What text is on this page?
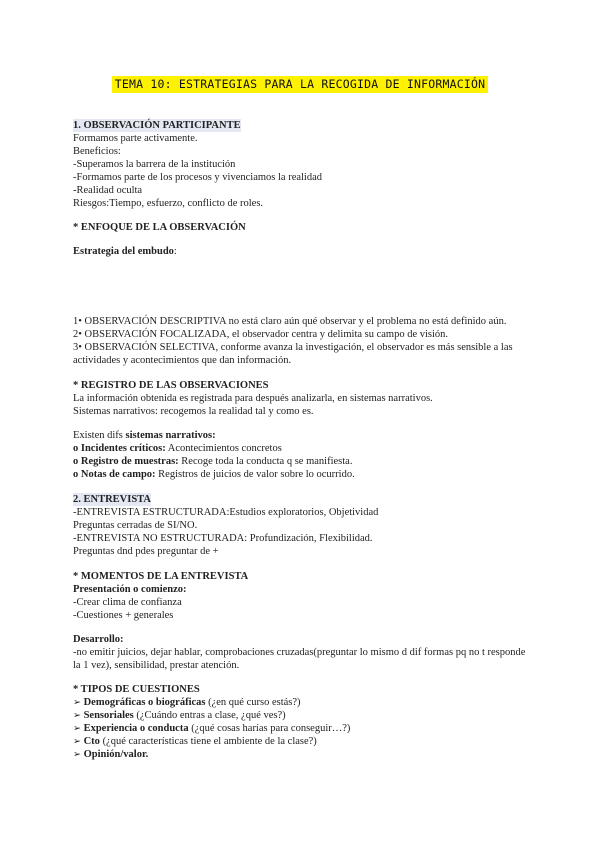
TEMA 10: ESTRATEGIAS PARA LA RECOGIDA DE INFORMACIÓN
1. OBSERVACIÓN PARTICIPANTE
Formamos parte activamente.
Beneficios:
-Superamos la barrera de la institución
-Formamos parte de los procesos y vivenciamos la realidad
-Realidad oculta
Riesgos:Tiempo, esfuerzo, conflicto de roles.
* ENFOQUE DE LA OBSERVACIÓN
Estrategia del embudo:
1• OBSERVACIÓN DESCRIPTIVA no está claro aún qué observar y el problema no está definido aún.
2• OBSERVACIÓN FOCALIZADA, el observador centra y delimita su campo de visión.
3• OBSERVACIÓN SELECTIVA, conforme avanza la investigación, el observador es más sensible a las actividades y acontecimientos que dan información.
* REGISTRO DE LAS OBSERVACIONES
La información obtenida es registrada para después analizarla, en sistemas narrativos.
Sistemas narrativos: recogemos la realidad tal y como es.
Existen difs sistemas narrativos:
o Incidentes críticos: Acontecimientos concretos
o Registro de muestras: Recoge toda la conducta q se manifiesta.
o Notas de campo: Registros de juicios de valor sobre lo ocurrido.
2. ENTREVISTA
-ENTREVISTA ESTRUCTURADA:Estudios exploratorios, Objetividad
Preguntas cerradas de SI/NO.
-ENTREVISTA NO ESTRUCTURADA: Profundización, Flexibilidad.
Preguntas dnd pdes preguntar de +
* MOMENTOS DE LA ENTREVISTA
Presentación o comienzo:
-Crear clima de confianza
-Cuestiones + generales
Desarrollo:
-no emitir juicios, dejar hablar, comprobaciones cruzadas(preguntar lo mismo d dif formas pq no t responde la 1 vez), sensibilidad, prestar atención.
* TIPOS DE CUESTIONES
➢ Demográficas o biográficas (¿en qué curso estás?)
➢ Sensoriales (¿Cuándo entras a clase, ¿qué ves?)
➢ Experiencia o conducta (¿qué cosas harías para conseguir…?)
➢ Cto (¿qué características tiene el ambiente de la clase?)
➢ Opinión/valor.
